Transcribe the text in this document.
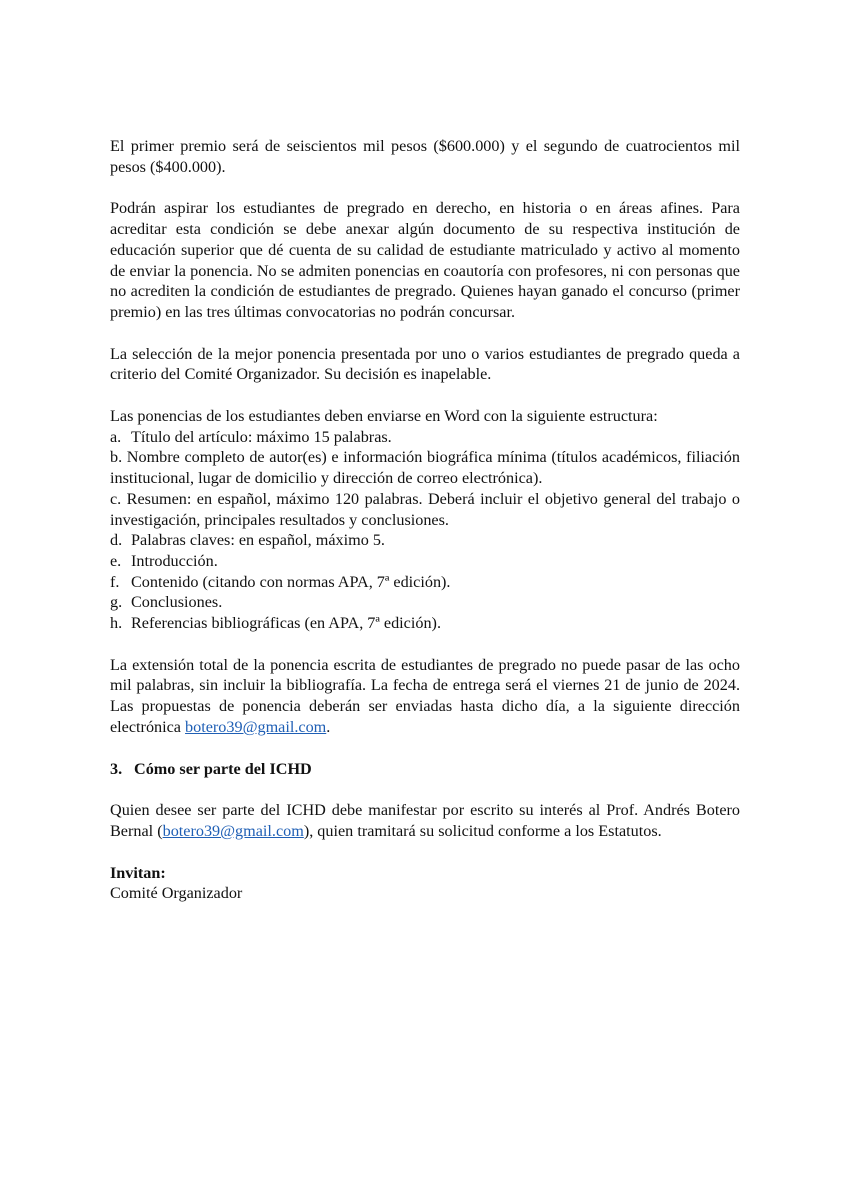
El primer premio será de seiscientos mil pesos ($600.000) y el segundo de cuatrocientos mil pesos ($400.000).

Podrán aspirar los estudiantes de pregrado en derecho, en historia o en áreas afines. Para acreditar esta condición se debe anexar algún documento de su respectiva institución de educación superior que dé cuenta de su calidad de estudiante matriculado y activo al momento de enviar la ponencia. No se admiten ponencias en coautoría con profesores, ni con personas que no acrediten la condición de estudiantes de pregrado. Quienes hayan ganado el concurso (primer premio) en las tres últimas convocatorias no podrán concursar.

La selección de la mejor ponencia presentada por uno o varios estudiantes de pregrado queda a criterio del Comité Organizador. Su decisión es inapelable.

Las ponencias de los estudiantes deben enviarse en Word con la siguiente estructura:

a. Título del artículo: máximo 15 palabras.

b. Nombre completo de autor(es) e información biográfica mínima (títulos académicos, filiación institucional, lugar de domicilio y dirección de correo electrónica).

c. Resumen: en español, máximo 120 palabras. Deberá incluir el objetivo general del trabajo o investigación, principales resultados y conclusiones.

d. Palabras claves: en español, máximo 5.
e. Introducción.
f. Contenido (citando con normas APA, 7ª edición).
g. Conclusiones.
h. Referencias bibliográficas (en APA, 7ª edición).

La extensión total de la ponencia escrita de estudiantes de pregrado no puede pasar de las ocho mil palabras, sin incluir la bibliografía. La fecha de entrega será el viernes 21 de junio de 2024. Las propuestas de ponencia deberán ser enviadas hasta dicho día, a la siguiente dirección electrónica botero39@gmail.com.

3. Cómo ser parte del ICHD

Quien desee ser parte del ICHD debe manifestar por escrito su interés al Prof. Andrés Botero Bernal (botero39@gmail.com), quien tramitará su solicitud conforme a los Estatutos.

Invitan:

Comité Organizador
